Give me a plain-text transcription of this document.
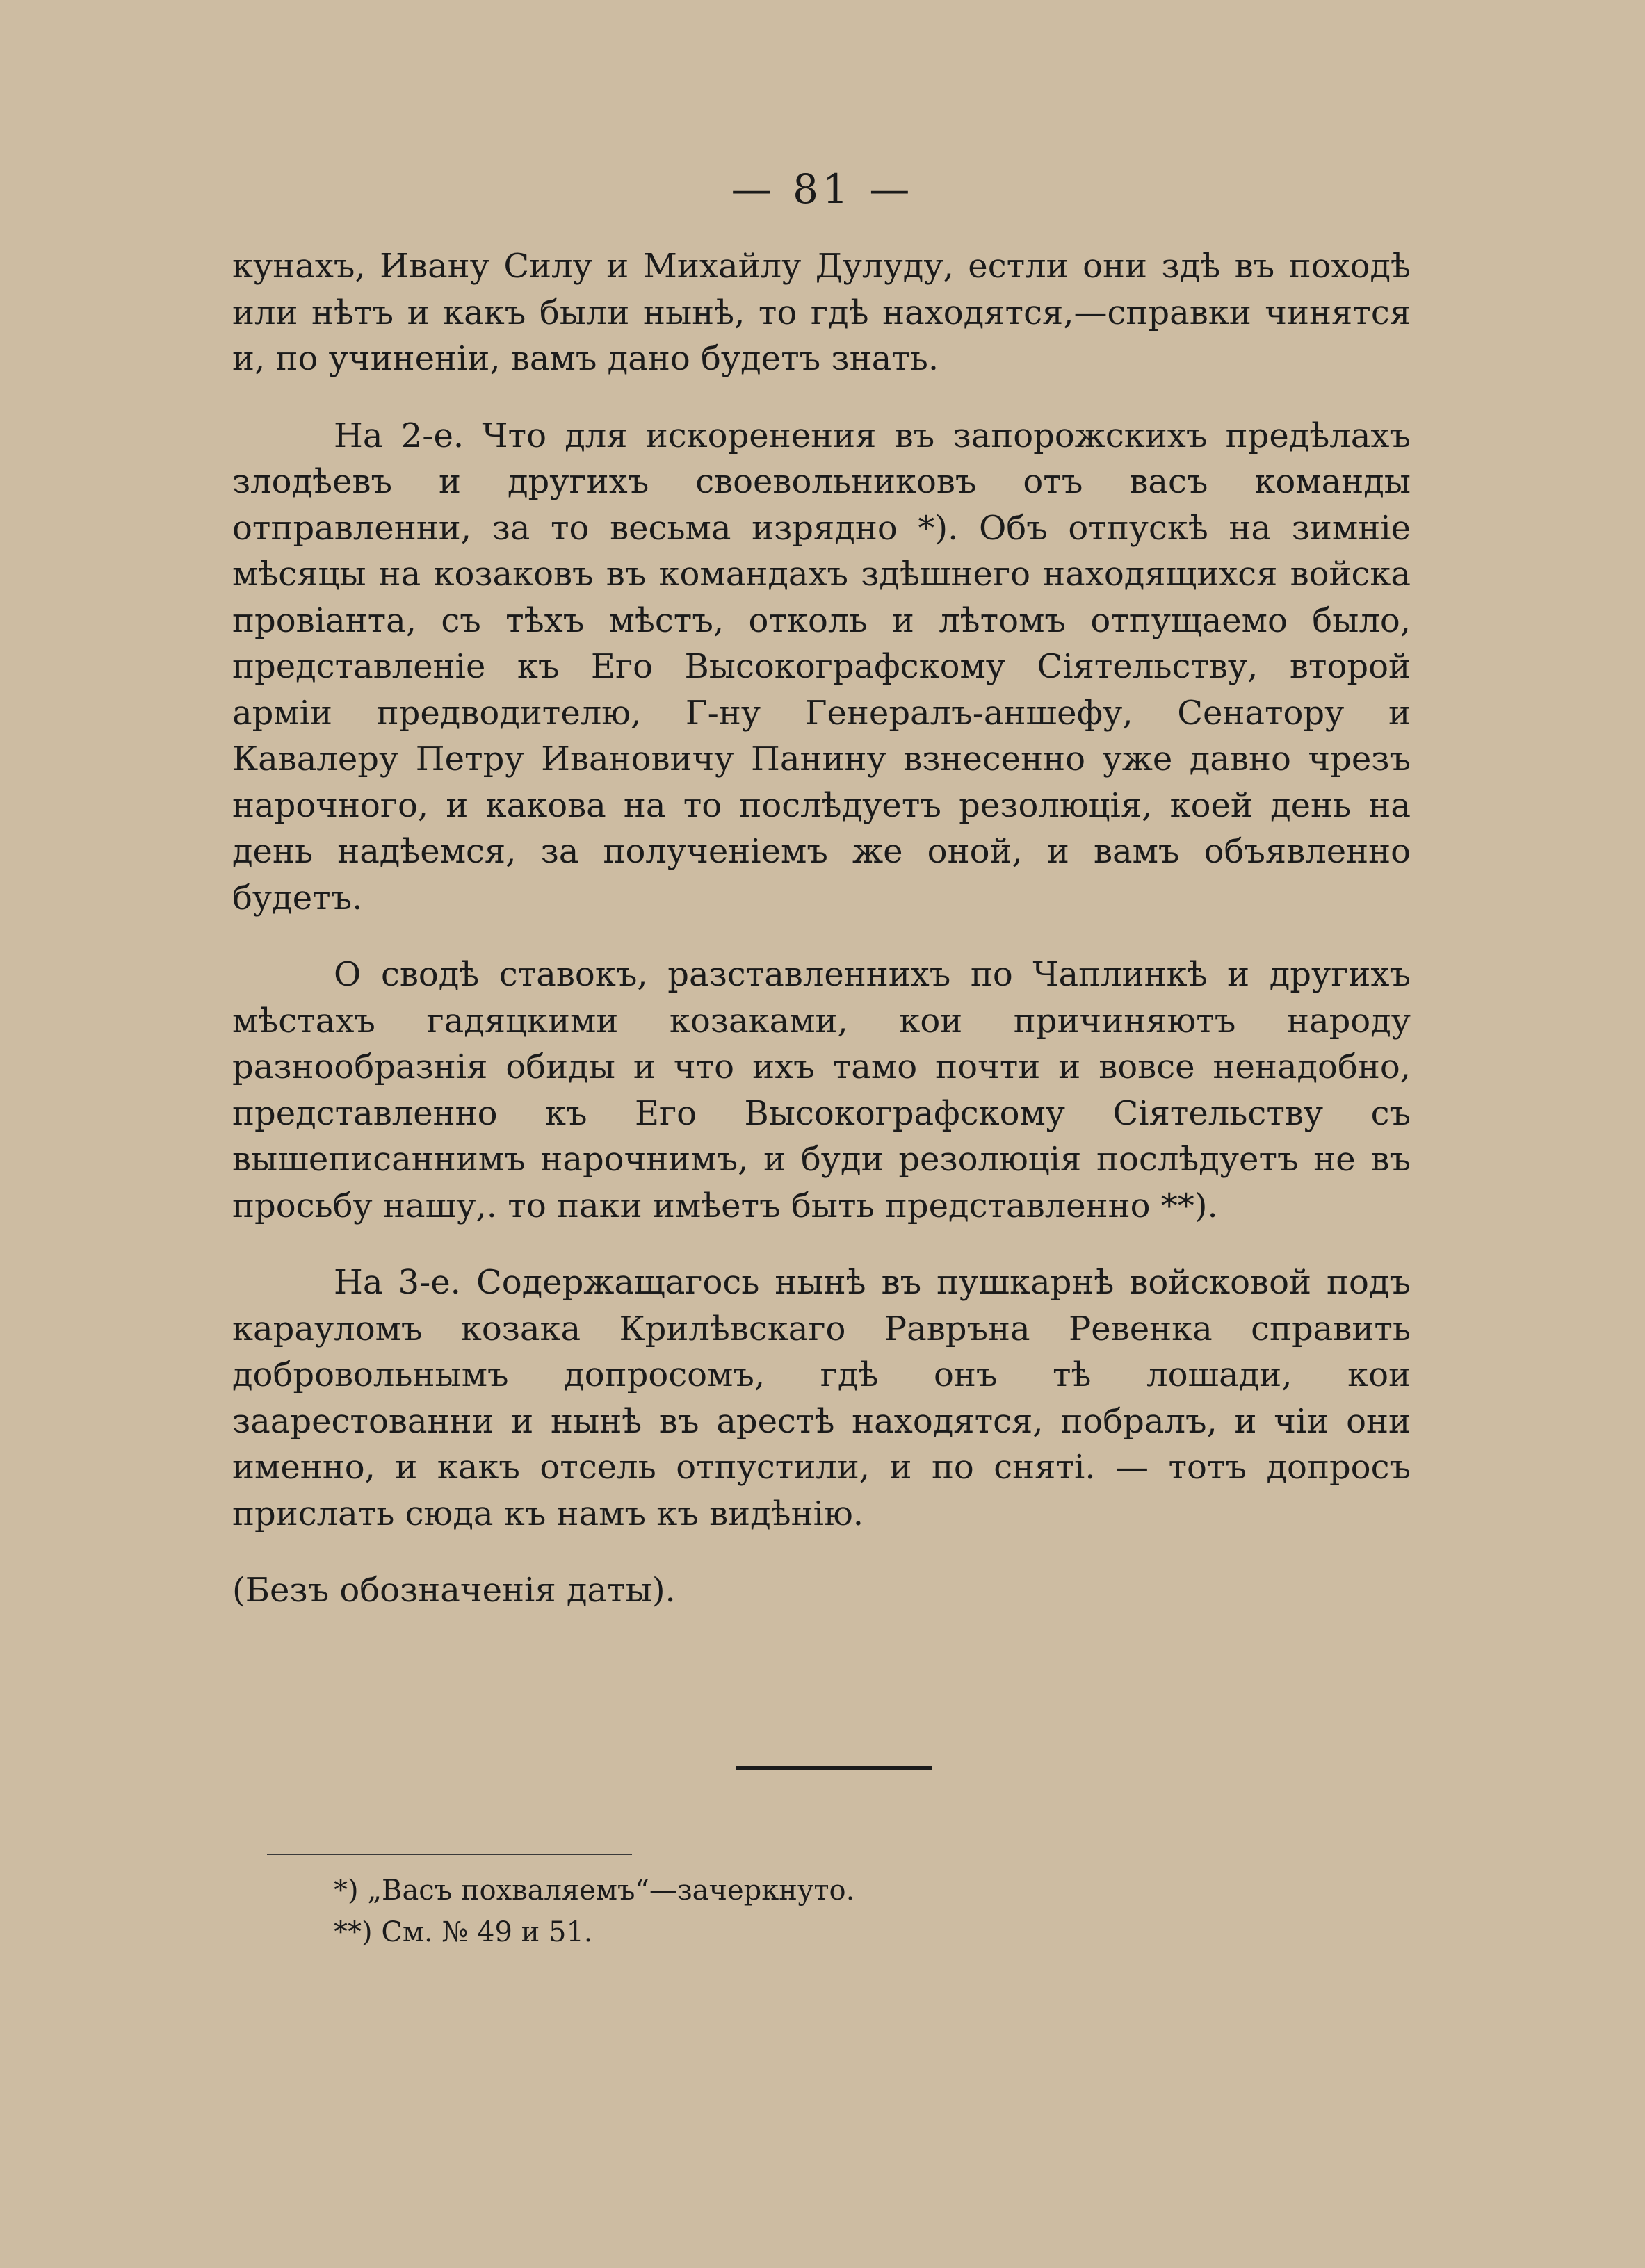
— 81 —

кунахъ, Ивану Силу и Михайлу Дулуду, естли они здѣ въ походѣ или нѣтъ и какъ были нынѣ, то гдѣ находятся,—справки чинятся и, по учиненіи, вамъ дано будетъ знать.

На 2-е. Что для искоренения въ запорожскихъ предѣлахъ злодѣевъ и другихъ своевольниковъ отъ васъ команды отправленни, за то весьма изрядно *). Объ отпускѣ на зимніе мѣсяцы на козаковъ въ командахъ здѣшнего находящихся войска провіанта, съ тѣхъ мѣстъ, отколь и лѣтомъ отпущаемо было, представленіе къ Его Высокографскому Сіятельству, второй арміи предводителю, Г-ну Генералъ-аншефу, Сенатору и Кавалеру Петру Ивановичу Панину взнесенно уже давно чрезъ нарочного, и какова на то послѣдуетъ резолюція, коей день на день надѣемся, за полученіемъ же оной, и вамъ объявленно будетъ.

О сводѣ ставокъ, разставленнихъ по Чаплинкѣ и другихъ мѣстахъ гадяцкими козаками, кои причиняютъ народу разнообразнія обиды и что ихъ тамо почти и вовсе ненадобно, представленно къ Его Высокографскому Сіятельству съ вышеписаннимъ нарочнимъ, и буди резолюція послѣдуетъ не въ просьбу нашу,. то паки имѣетъ быть представленно **).

На 3-е. Содержащагось нынѣ въ пушкарнѣ войсковой подъ карауломъ козака Крилѣвскаго Равръна Ревенка справить добровольнымъ допросомъ, гдѣ онъ тѣ лошади, кои заарестованни и нынѣ въ арестѣ находятся, побралъ, и чіи они именно, и какъ отсель отпустили, и по сняті. — тотъ допросъ прислать сюда къ намъ къ видѣнію.

(Безъ обозначенія даты).

*) „Васъ похваляемъ“—зачеркнуто.

**) См. № 49 и 51.
